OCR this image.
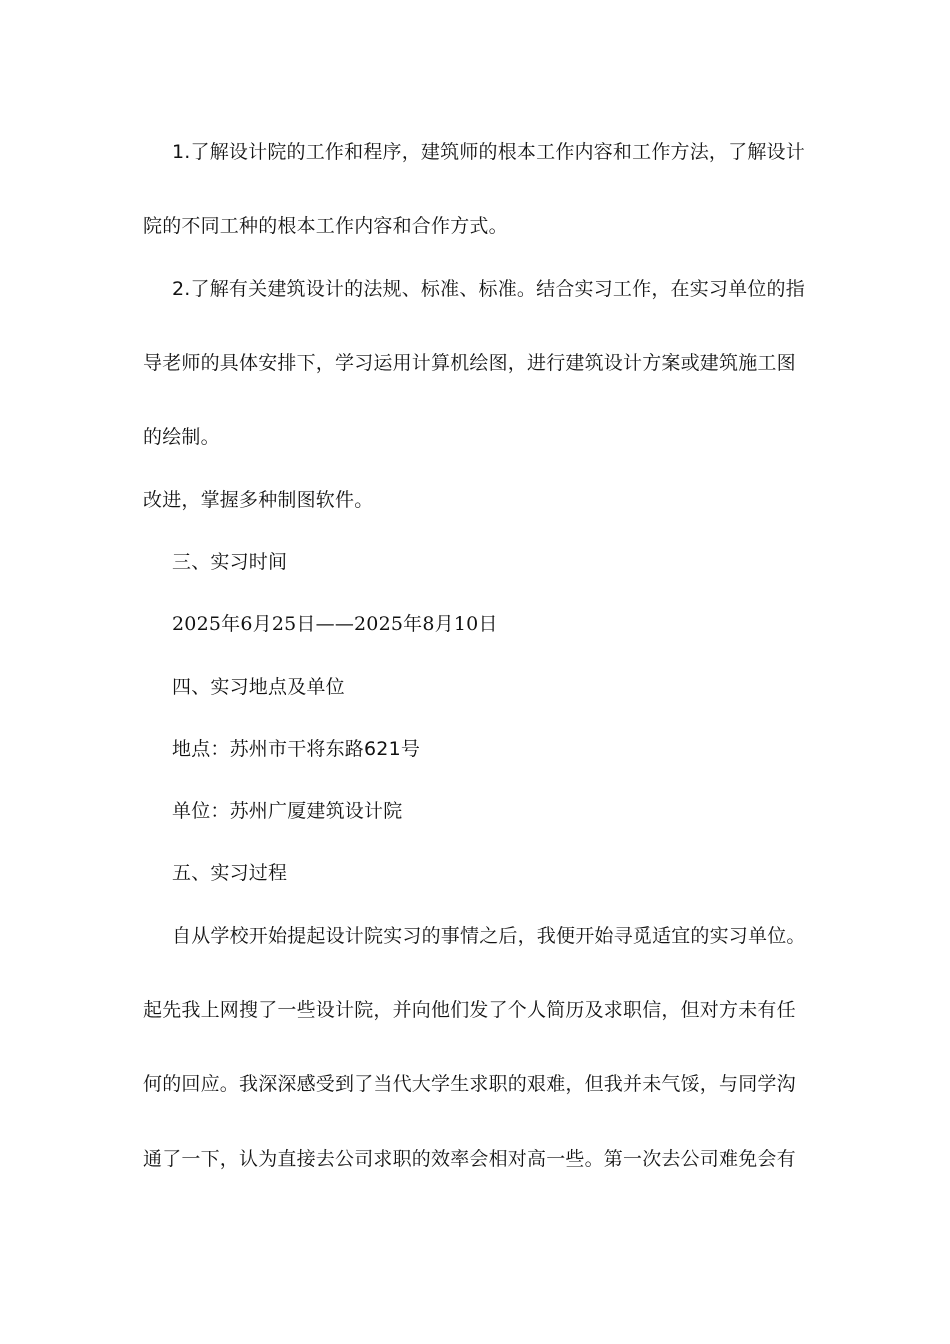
1.了解设计院的工作和程序，建筑师的根本工作内容和工作方法，了解设计
院的不同工种的根本工作内容和合作方式。
2.了解有关建筑设计的法规、标准、标准。结合实习工作，在实习单位的指
导老师的具体安排下，学习运用计算机绘图，进行建筑设计方案或建筑施工图
的绘制。
改进，掌握多种制图软件。
三、实习时间
2025年6月25日——2025年8月10日
四、实习地点及单位
地点：苏州市干将东路621号
单位：苏州广厦建筑设计院
五、实习过程
自从学校开始提起设计院实习的事情之后，我便开始寻觅适宜的实习单位。
起先我上网搜了一些设计院，并向他们发了个人简历及求职信，但对方未有任
何的回应。我深深感受到了当代大学生求职的艰难，但我并未气馁，与同学沟
通了一下，认为直接去公司求职的效率会相对高一些。第一次去公司难免会有
